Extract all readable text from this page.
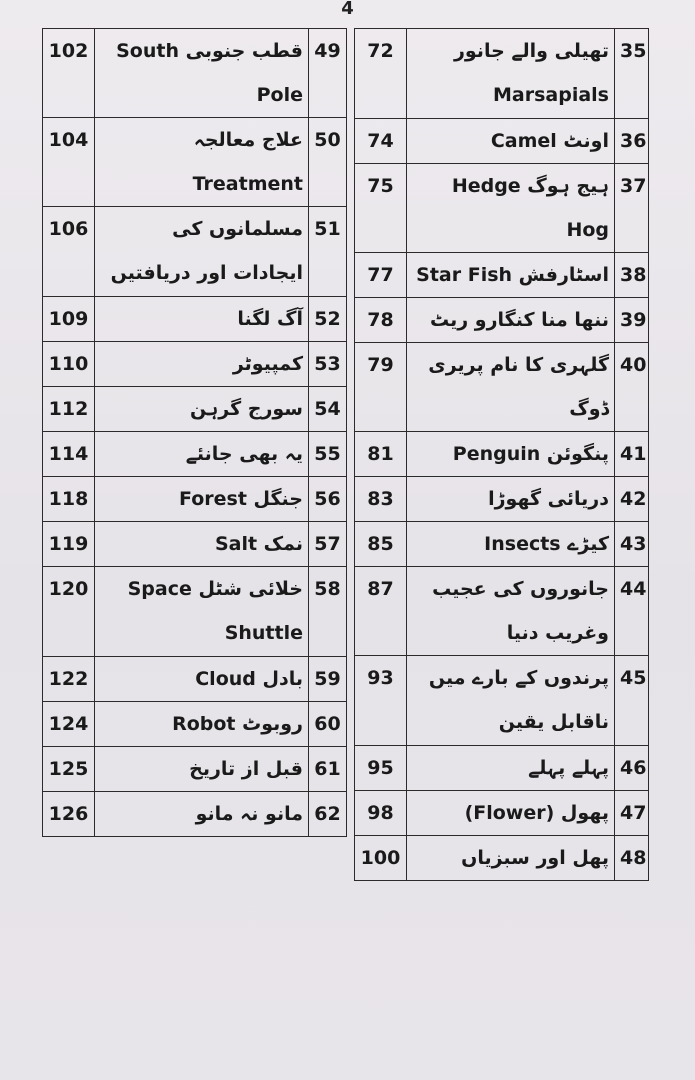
4
102	قطب جنوبی South Pole	49
104	علاج معالجہ Treatment	50
106	مسلمانوں کی ایجادات اور دریافتیں	51
109	آگ لگنا	52
110	کمپیوٹر	53
112	سورج گرہن	54
114	یہ بھی جانئے	55
118	جنگل Forest	56
119	نمک Salt	57
120	خلائی شٹل Space Shuttle	58
122	بادل Cloud	59
124	روبوٹ Robot	60
125	قبل از تاریخ	61
126	مانو نہ مانو	62
72	تھیلی والے جانور Marsapials	35
74	اونٹ Camel	36
75	ہیج ہوگ Hedge Hog	37
77	اسٹارفش Star Fish	38
78	ننھا منا کنگارو ریٹ	39
79	گلہری کا نام پریری ڈوگ	40
81	پنگوئن Penguin	41
83	دریائی گھوڑا	42
85	کیڑے Insects	43
87	جانوروں کی عجیب وغریب دنیا	44
93	پرندوں کے بارے میں ناقابل یقین	45
95	پہلے پہلے	46
98	پھول (Flower)	47
100	پھل اور سبزیاں	48
